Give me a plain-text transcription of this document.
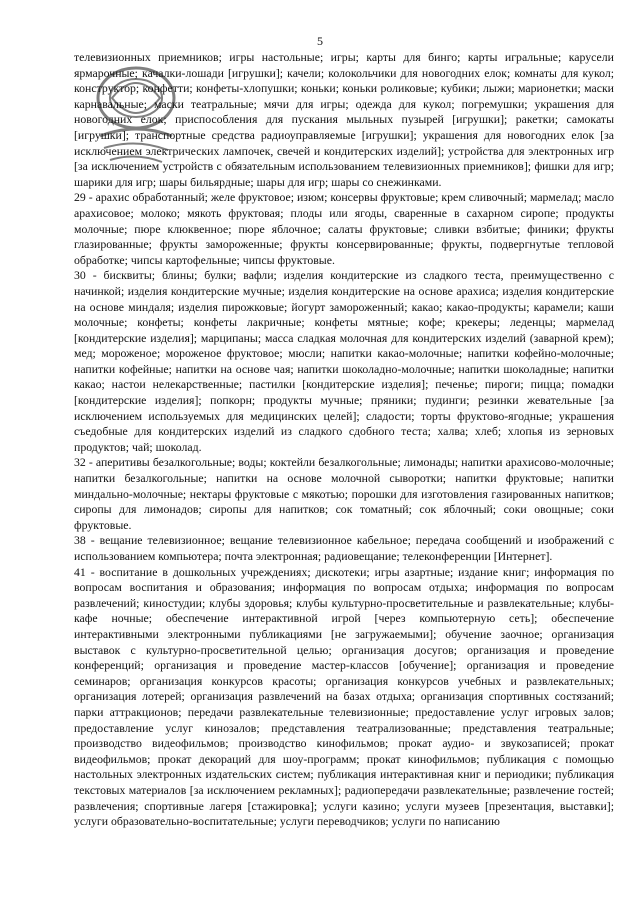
5

телевизионных приемников; игры настольные; игры; карты для бинго; карты игральные; карусели ярмарочные; качалки-лошади [игрушки]; качели; колокольчики для новогодних елок; комнаты для кукол; конструктор; конфетти; конфеты-хлопушки; коньки; коньки роликовые; кубики; лыжи; марионетки; маски карнавальные; маски театральные; мячи для игры; одежда для кукол; погремушки; украшения для новогодних елок; приспособления для пускания мыльных пузырей [игрушки]; ракетки; самокаты [игрушки]; транспортные средства радиоуправляемые [игрушки]; украшения для новогодних елок [за исключением электрических лампочек, свечей и кондитерских изделий]; устройства для электронных игр [за исключением устройств с обязательным использованием телевизионных приемников]; фишки для игр; шарики для игр; шары бильярдные; шары для игр; шары со снежинками.

29 - арахис обработанный; желе фруктовое; изюм; консервы фруктовые; крем сливочный; мармелад; масло арахисовое; молоко; мякоть фруктовая; плоды или ягоды, сваренные в сахарном сиропе; продукты молочные; пюре клюквенное; пюре яблочное; салаты фруктовые; сливки взбитые; финики; фрукты глазированные; фрукты замороженные; фрукты консервированные; фрукты, подвергнутые тепловой обработке; чипсы картофельные; чипсы фруктовые.

30 - бисквиты; блины; булки; вафли; изделия кондитерские из сладкого теста, преимущественно с начинкой; изделия кондитерские мучные; изделия кондитерские на основе арахиса; изделия кондитерские на основе миндаля; изделия пирожковые; йогурт замороженный; какао; какао-продукты; карамели; каши молочные; конфеты; конфеты лакричные; конфеты мятные; кофе; крекеры; леденцы; мармелад [кондитерские изделия]; марципаны; масса сладкая молочная для кондитерских изделий (заварной крем); мед; мороженое; мороженое фруктовое; мюсли; напитки какао-молочные; напитки кофейно-молочные; напитки кофейные; напитки на основе чая; напитки шоколадно-молочные; напитки шоколадные; напитки какао; настои нелекарственные; пастилки [кондитерские изделия]; печенье; пироги; пицца; помадки [кондитерские изделия]; попкорн; продукты мучные; пряники; пудинги; резинки жевательные [за исключением используемых для медицинских целей]; сладости; торты фруктово-ягодные; украшения съедобные для кондитерских изделий из сладкого сдобного теста; халва; хлеб; хлопья из зерновых продуктов; чай; шоколад.

32 - аперитивы безалкогольные; воды; коктейли безалкогольные; лимонады; напитки арахисово-молочные; напитки безалкогольные; напитки на основе молочной сыворотки; напитки фруктовые; напитки миндально-молочные; нектары фруктовые с мякотью; порошки для изготовления газированных напитков; сиропы для лимонадов; сиропы для напитков; сок томатный; сок яблочный; соки овощные; соки фруктовые.

38 - вещание телевизионное; вещание телевизионное кабельное; передача сообщений и изображений с использованием компьютера; почта электронная; радиовещание; телеконференции [Интернет].

41 - воспитание в дошкольных учреждениях; дискотеки; игры азартные; издание книг; информация по вопросам воспитания и образования; информация по вопросам отдыха; информация по вопросам развлечений; киностудии; клубы здоровья; клубы культурно-просветительные и развлекательные; клубы-кафе ночные; обеспечение интерактивной игрой [через компьютерную сеть]; обеспечение интерактивными электронными публикациями [не загружаемыми]; обучение заочное; организация выставок с культурно-просветительной целью; организация досугов; организация и проведение конференций; организация и проведение мастер-классов [обучение]; организация и проведение семинаров; организация конкурсов красоты; организация конкурсов учебных и развлекательных; организация лотерей; организация развлечений на базах отдыха; организация спортивных состязаний; парки аттракционов; передачи развлекательные телевизионные; предоставление услуг игровых залов; предоставление услуг кинозалов; представления театрализованные; представления театральные; производство видеофильмов; производство кинофильмов; прокат аудио- и звукозаписей; прокат видеофильмов; прокат декораций для шоу-программ; прокат кинофильмов; публикация с помощью настольных электронных издательских систем; публикация интерактивная книг и периодики; публикация текстовых материалов [за исключением рекламных]; радиопередачи развлекательные; развлечение гостей; развлечения; спортивные лагеря [стажировка]; услуги казино; услуги музеев [презентация, выставки]; услуги образовательно-воспитательные; услуги переводчиков; услуги по написанию
